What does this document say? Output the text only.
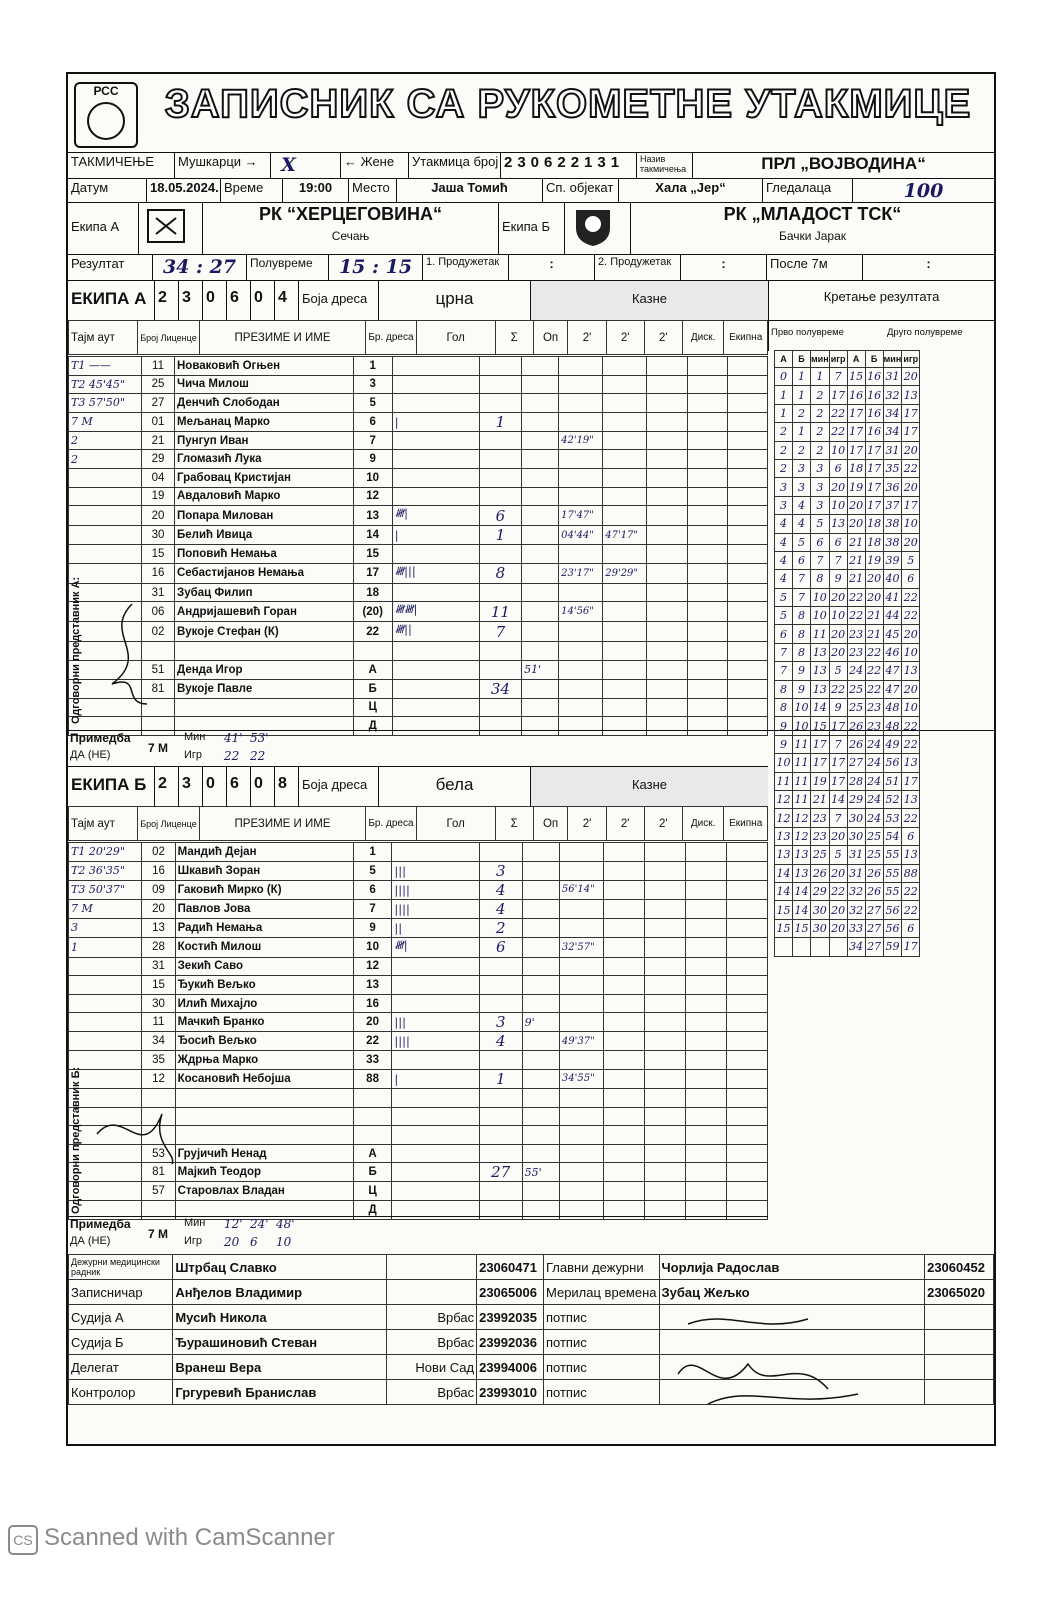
РСС	ЗАПИСНИК СА РУКОМЕТНЕ УТАКМИЦЕ
ТАКМИЧЕЊЕ	Мушкарци →	X	← Жене	Утакмица број 230622131	Назив такмичења	ПРЛ „ВОЈВОДИНА“
Датум	18.05.2024. Време	19:00	Место	Јаша Томић	Сп. објекат	Хала „Јер“	Гледалаца	100
Екипа А
РК “ХЕРЦЕГОВИНА“
Сечањ
Екипа Б
РК „МЛАДОСТ ТСК“
Бачки Јарак
Резултат	34 : 27	Полувреме	15 : 15	1. Продужетак	:	2. Продужетак	:	После 7м	:
ЕКИПА А 2 3 0 6 0 4	Боја дреса	црна	Казне	Кретање резултата
Тајм аут	Број Лиценце	ПРЕЗИМЕ И ИМЕ	Бр. дреса	Гол	Σ	Оп	2'	2'	2'	Диск.	Екипна
T1 ——	11	Новаковић Огњен	1								
T2 45'45"	25	Чича Милош	3								
T3 57'50"	27	Денчић Слободан	5								
7 M	01	Мељанац Марко	6	|	1						
2	21	Пунгуп Иван	7				42'19"				
2	29	Гломазић Лука	9								
	04	Грабовац Кристијан	10								
	19	Авдаловић Марко	12								
	20	Попара Милован	13	𝍸|	6		17'47"				
	30	Белић Ивица	14	|	1		04'44"	47'17"			
	15	Поповић Немања	15								
	16	Себастијанов Немања	17	𝍸|||	8		23'17"	29'29"			
	31	Зубац Филип	18								
	06	Андријашевић Горан	(20)	𝍸𝍸|	11		14'56"				
	02	Вукоје Стефан (К)	22	𝍸||	7						

	51	Денда Игор	А			51'					
	81	Вукоје Павле	Б		34						
			Ц								
			Д								
Примедба
ДА (НЕ)	7 М
Мин
Игр
41' 53'
22 22
ЕКИПА Б 2 3 0 6 0 8	Боја дреса	бела	Казне
Тајм аут	Број Лиценце	ПРЕЗИМЕ И ИМЕ	Бр. дреса	Гол	Σ	Оп	2'	2'	2'	Диск.	Екипна
T1 20'29"	02	Мандић Дејан	1								
T2 36'35"	16	Шкавић Зоран	5	|||	3						
T3 50'37"	09	Гаковић Мирко (К)	6	||||	4		56'14"				
7 M	20	Павлов Јова	7	||||	4						
3	13	Радић Немања	9	||	2						
1	28	Костић Милош	10	𝍸|	6		32'57"				
	31	Зекић Саво	12								
	15	Ђукић Вељко	13								
	30	Илић Михајло	16								
	11	Мачкић Бранко	20	|||	3	9'					
	34	Ђосић Вељко	22	||||	4		49'37"				
	35	Ждрња Марко	33								
	12	Косановић Небојша	88	|	1		34'55"				

	53	Грујичић Ненад	А								
	81	Мајкић Теодор	Б		27	55'					
	57	Старовлах Владан	Ц								
			Д								
Примедба
ДА (НЕ)	7 М
Мин
Игр
12' 24' 48'
20 6 10
Одговорни представник А:
Одговорни представник Б:
Прво полувреме	Друго полувреме
А	Б	мин	игр	А	Б	мин	игр
0	1	1	7	15	16	31	20
1	1	2	17	16	16	32	13
1	2	2	22	17	16	34	17
2	1	2	22	17	16	34	17
2	2	2	10	17	17	31	20
2	3	3	6	18	17	35	22
3	3	3	20	19	17	36	20
3	4	3	10	20	17	37	17
4	4	5	13	20	18	38	10
4	5	6	6	21	18	38	20
4	6	7	7	21	19	39	5
4	7	8	9	21	20	40	6
5	7	10	20	22	20	41	22
5	8	10	10	22	21	44	22
6	8	11	20	23	21	45	20
7	8	13	20	23	22	46	10
7	9	13	5	24	22	47	13
8	9	13	22	25	22	47	20
8	10	14	9	25	23	48	10
9	10	15	17	26	23	48	22
9	11	17	7	26	24	49	22
10	11	17	17	27	24	56	13
11	11	19	17	28	24	51	17
12	11	21	14	29	24	52	13
12	12	23	7	30	24	53	22
13	12	23	20	30	25	54	6
13	13	25	5	31	25	55	13
14	13	26	20	31	26	55	88
14	14	29	22	32	26	55	22
15	14	30	20	32	27	56	22
15	15	30	20	33	27	56	6
				34	27	59	17
Дежурни медицински радник	Штрбац Славко		23060471	Главни дежурни	Чорлија Радослав	23060452
Записничар	Анђелов Владимир		23065006	Мерилац времена	Зубац Жељко	23065020
Судија А	Мусић Никола	Врбас	23992035	потпис		
Судија Б	Ђурашиновић Стеван	Врбас	23992036	потпис		
Делегат	Вранеш Вера	Нови Сад	23994006	потпис		
Контролор	Гргуревић Бранислав	Врбас	23993010	потпис		
CS Scanned with CamScanner
